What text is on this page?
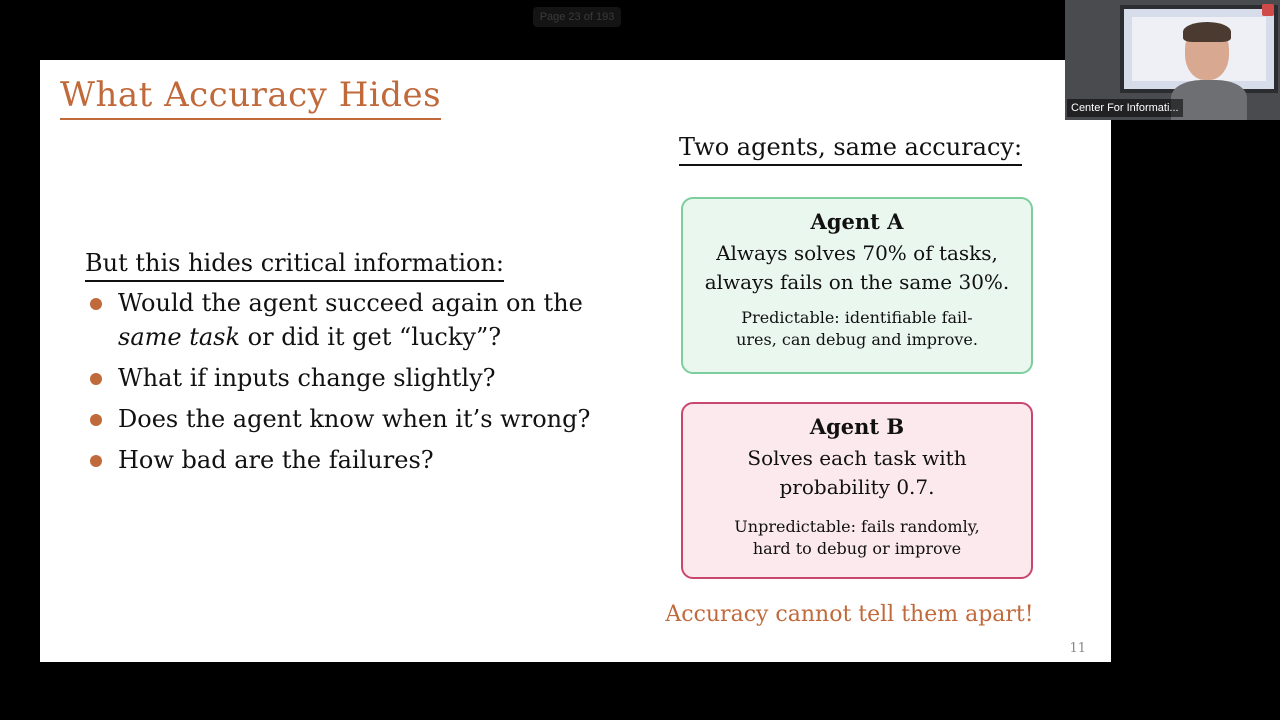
Page 23 of 193
What Accuracy Hides
But this hides critical information:
Would the agent succeed again on the
same task or did it get “lucky”?
What if inputs change slightly?
Does the agent know when it’s wrong?
How bad are the failures?
Two agents, same accuracy:
Agent A
Always solves 70% of tasks,
always fails on the same 30%.
Predictable: identifiable fail-
ures, can debug and improve.
Agent B
Solves each task with
probability 0.7.
Unpredictable: fails randomly,
hard to debug or improve
Accuracy cannot tell them apart!
11
Center For Informati...
